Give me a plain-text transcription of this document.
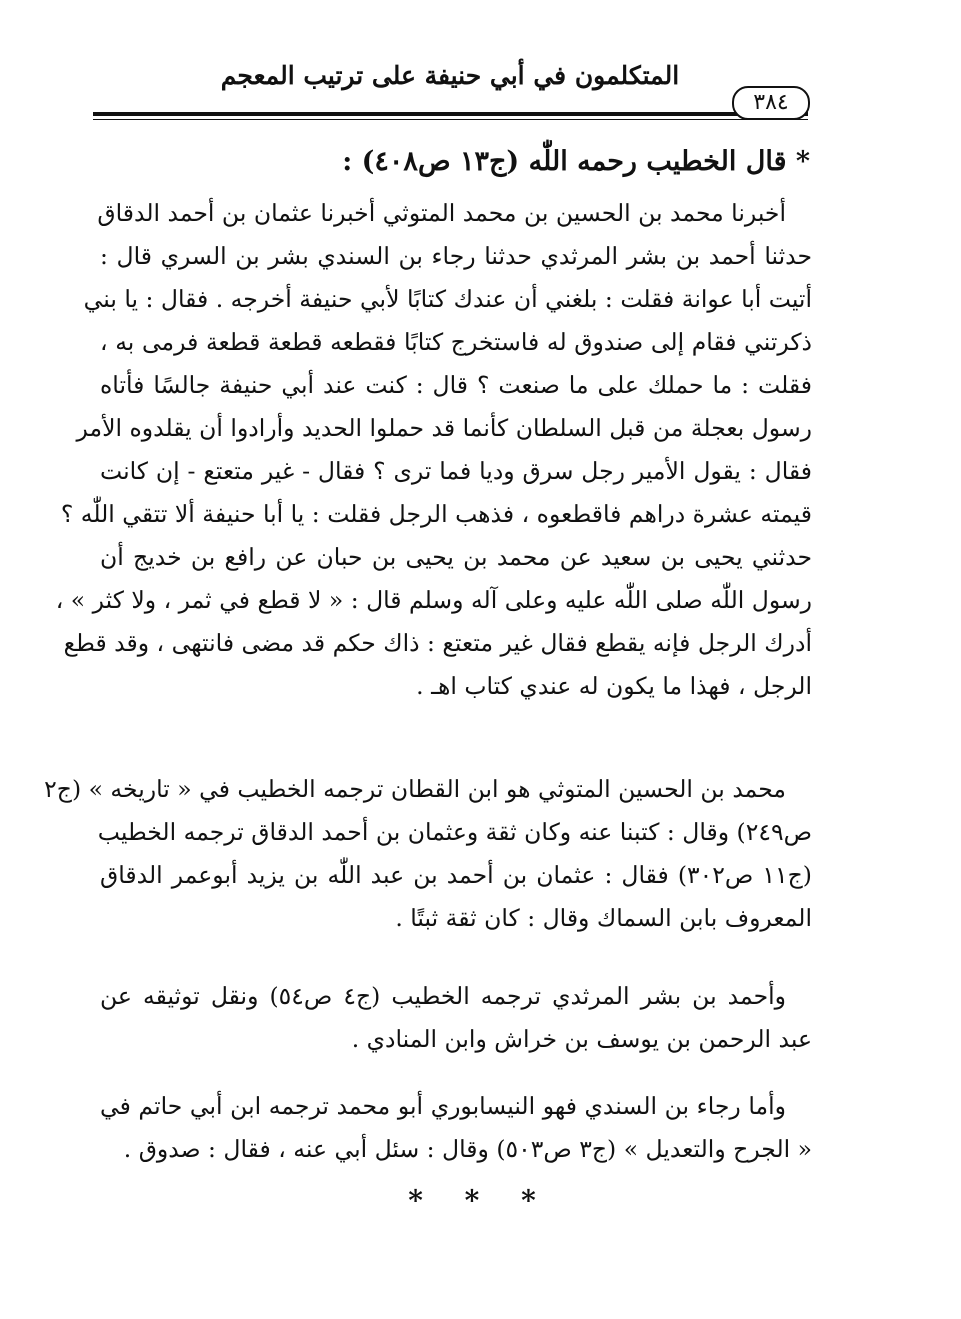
المتكلمون في أبي حنيفة على ترتيب المعجم
٣٨٤
* قال الخطيب رحمه اللّٰه (ج١٣ ص٤٠٨) :
أخبرنا محمد بن الحسين بن محمد المتوثي أخبرنا عثمان بن أحمد الدقاق
حدثنا أحمد بن بشر المرثدي حدثنا رجاء بن السندي بشر بن السري قال :
أتيت أبا عوانة فقلت : بلغني أن عندك كتابًا لأبي حنيفة أخرجه . فقال : يا بني
ذكرتني فقام إلى صندوق له فاستخرج كتابًا فقطعه قطعة قطعة فرمى به ،
فقلت : ما حملك على ما صنعت ؟ قال : كنت عند أبي حنيفة جالسًا فأتاه
رسول بعجلة من قبل السلطان كأنما قد حملوا الحديد وأرادوا أن يقلدوه الأمر
فقال : يقول الأمير رجل سرق وديا فما ترى ؟ فقال - غير متعتع - إن كانت
قيمته عشرة دراهم فاقطعوه ، فذهب الرجل فقلت : يا أبا حنيفة ألا تتقي اللّٰه ؟
حدثني يحيى بن سعيد عن محمد بن يحيى بن حبان عن رافع بن خديج أن
رسول اللّٰه صلى اللّٰه عليه وعلى آله وسلم قال : « لا قطع في ثمر ، ولا كثر » ،
أدرك الرجل فإنه يقطع فقال غير متعتع : ذاك حكم قد مضى فانتهى ، وقد قطع
الرجل ، فهذا ما يكون له عندي كتاب اهـ .
محمد بن الحسين المتوثي هو ابن القطان ترجمه الخطيب في « تاريخه » (ج٢
ص٢٤٩) وقال : كتبنا عنه وكان ثقة وعثمان بن أحمد الدقاق ترجمه الخطيب
(ج١١ ص٣٠٢) فقال : عثمان بن أحمد بن عبد اللّٰه بن يزيد أبوعمر الدقاق
المعروف بابن السماك وقال : كان ثقة ثبتًا .
وأحمد بن بشر المرثدي ترجمه الخطيب (ج٤ ص٥٤) ونقل توثيقه عن
عبد الرحمن بن يوسف بن خراش وابن المنادي .
وأما رجاء بن السندي فهو النيسابوري أبو محمد ترجمه ابن أبي حاتم في
« الجرح والتعديل » (ج٣ ص٥٠٣) وقال : سئل أبي عنه ، فقال : صدوق .
* * *
